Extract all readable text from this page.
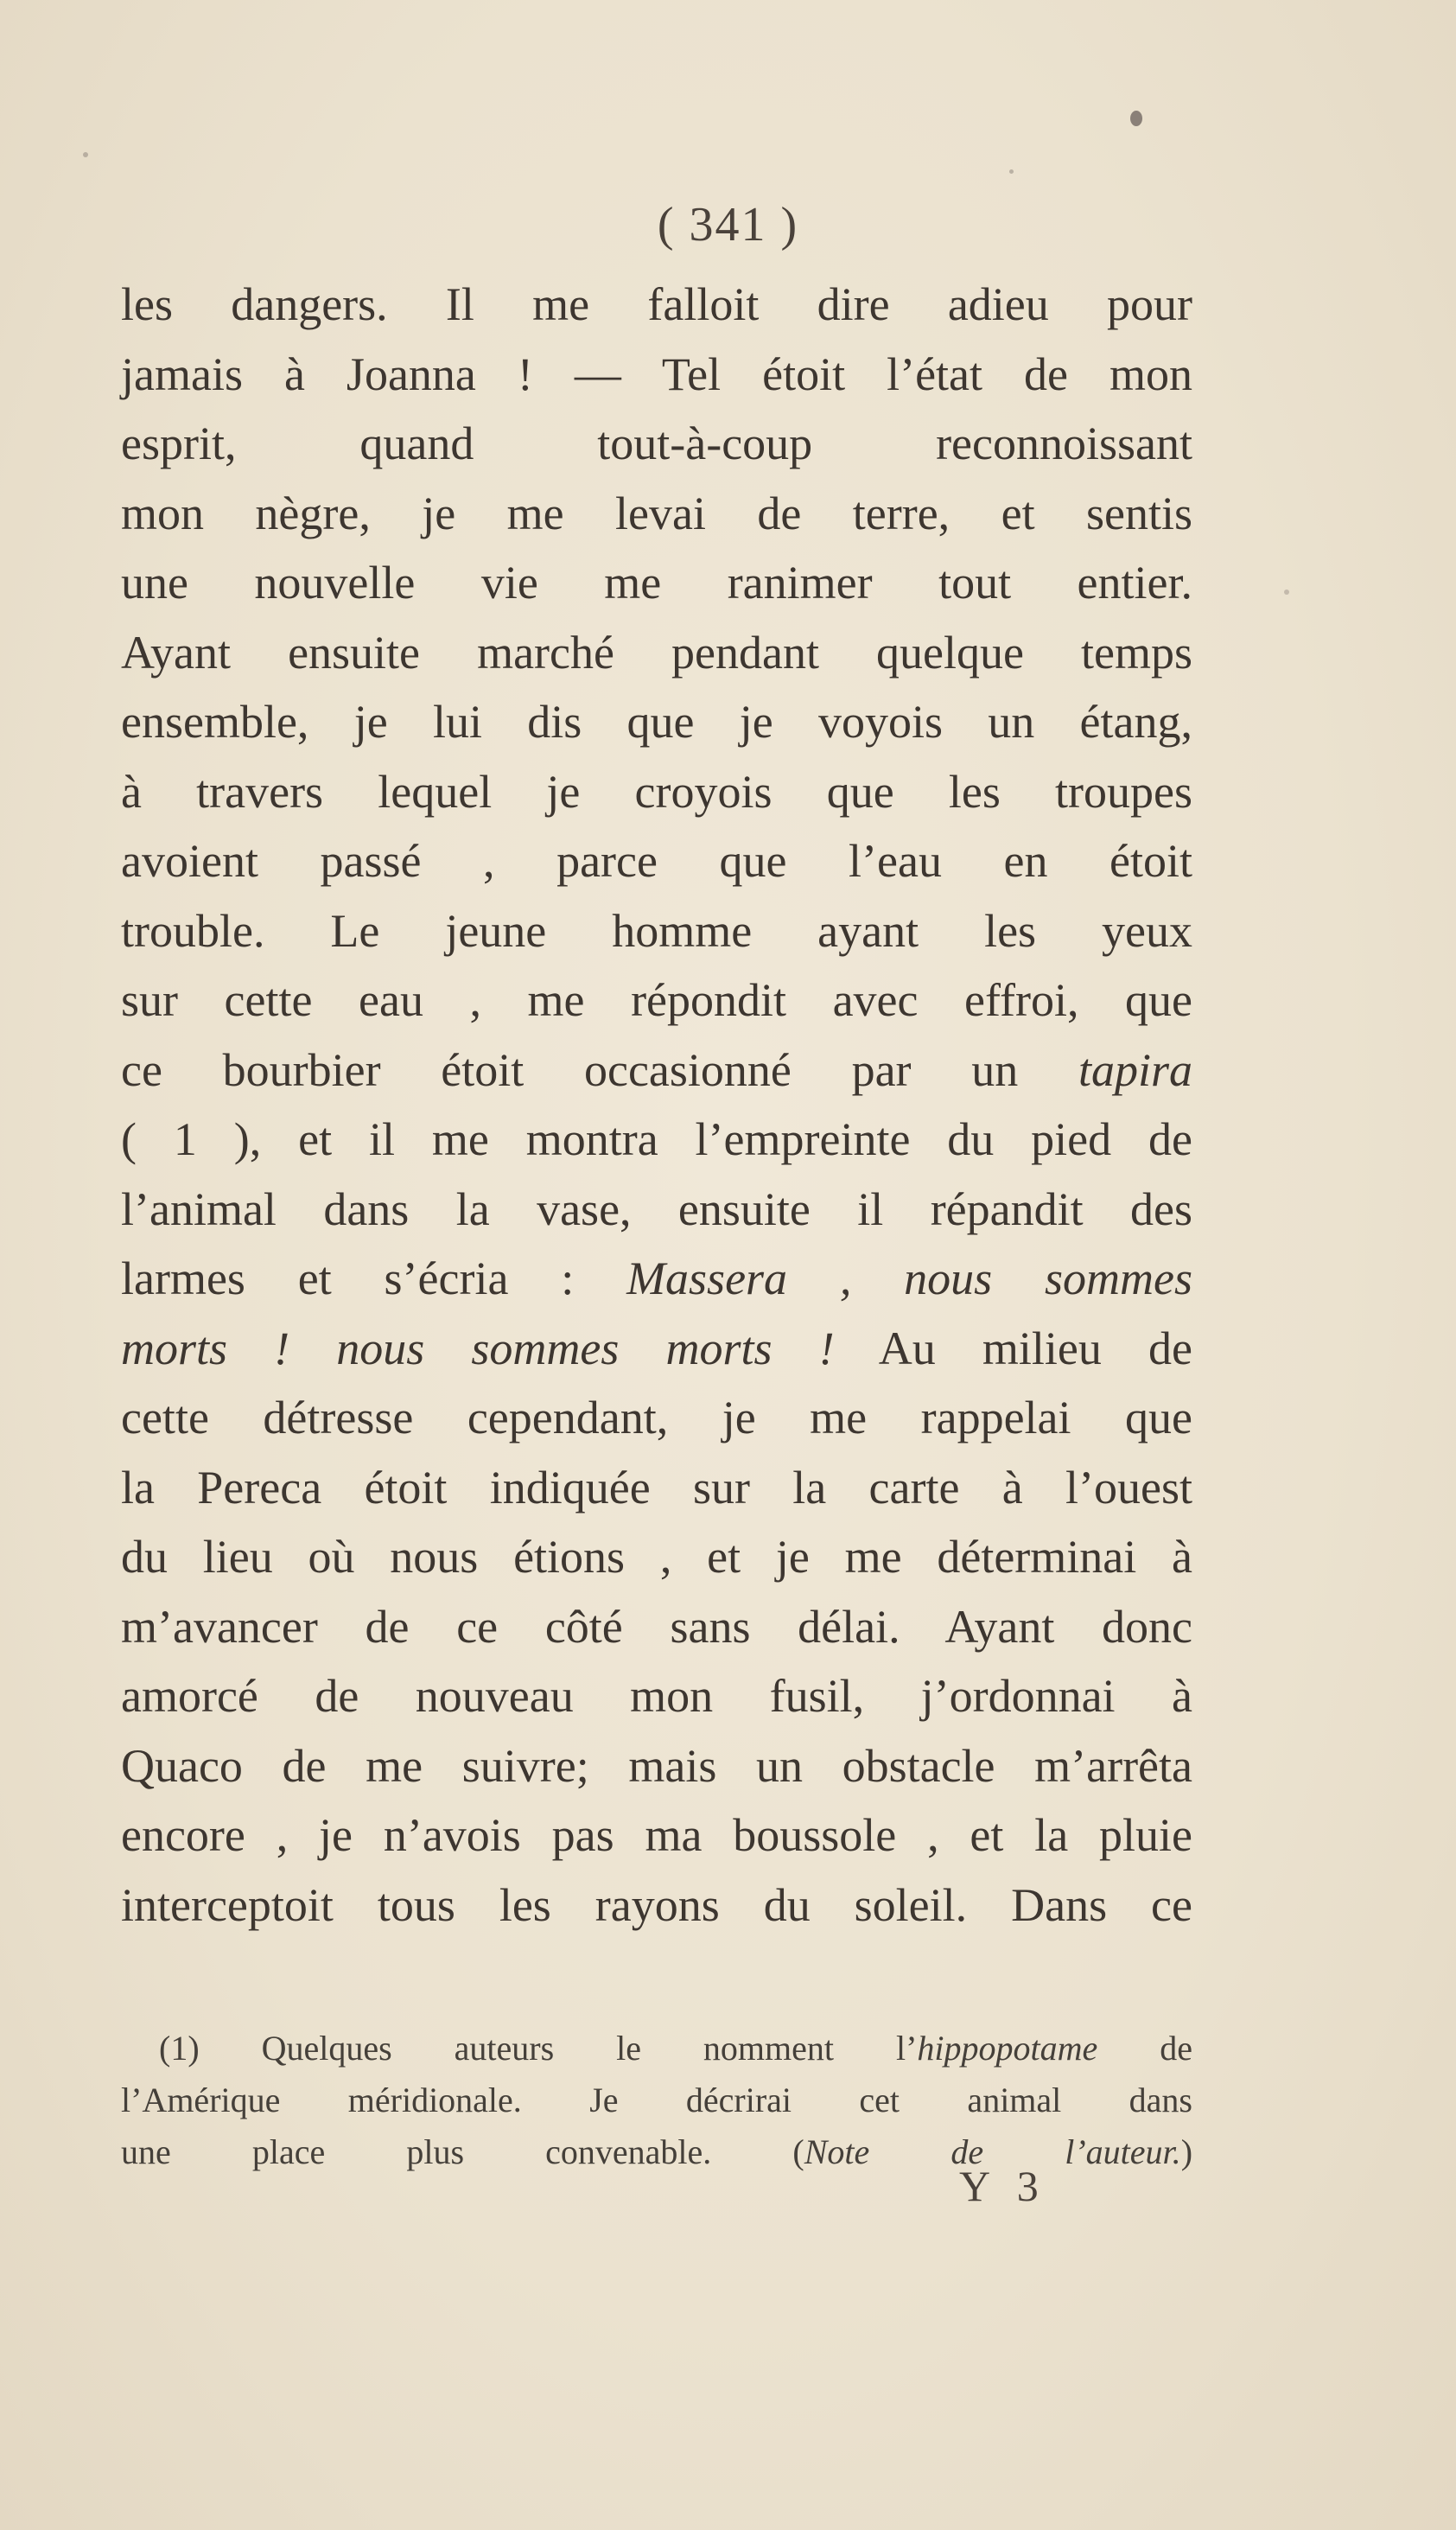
( 341 )
les dangers. Il me falloit dire adieu pour
jamais à Joanna ! — Tel étoit l’état de mon
esprit, quand tout-à-coup reconnoissant
mon nègre, je me levai de terre, et sentis
une nouvelle vie me ranimer tout entier.
Ayant ensuite marché pendant quelque temps
ensemble, je lui dis que je voyois un étang,
à travers lequel je croyois que les troupes
avoient passé , parce que l’eau en étoit
trouble. Le jeune homme ayant les yeux
sur cette eau , me répondit avec effroi, que
ce bourbier étoit occasionné par un tapira
( 1 ), et il me montra l’empreinte du pied de
l’animal dans la vase, ensuite il répandit des
larmes et s’écria : Massera , nous sommes
morts ! nous sommes morts ! Au milieu de
cette détresse cependant, je me rappelai que
la Pereca étoit indiquée sur la carte à l’ouest
du lieu où nous étions , et je me déterminai à
m’avancer de ce côté sans délai. Ayant donc
amorcé de nouveau mon fusil, j’ordonnai à
Quaco de me suivre; mais un obstacle m’arrêta
encore , je n’avois pas ma boussole , et la pluie
interceptoit tous les rayons du soleil. Dans ce
(1) Quelques auteurs le nomment l’hippopotame de
l’Amérique méridionale. Je décrirai cet animal dans
une place plus convenable. (Note de l’auteur.)
Y 3
